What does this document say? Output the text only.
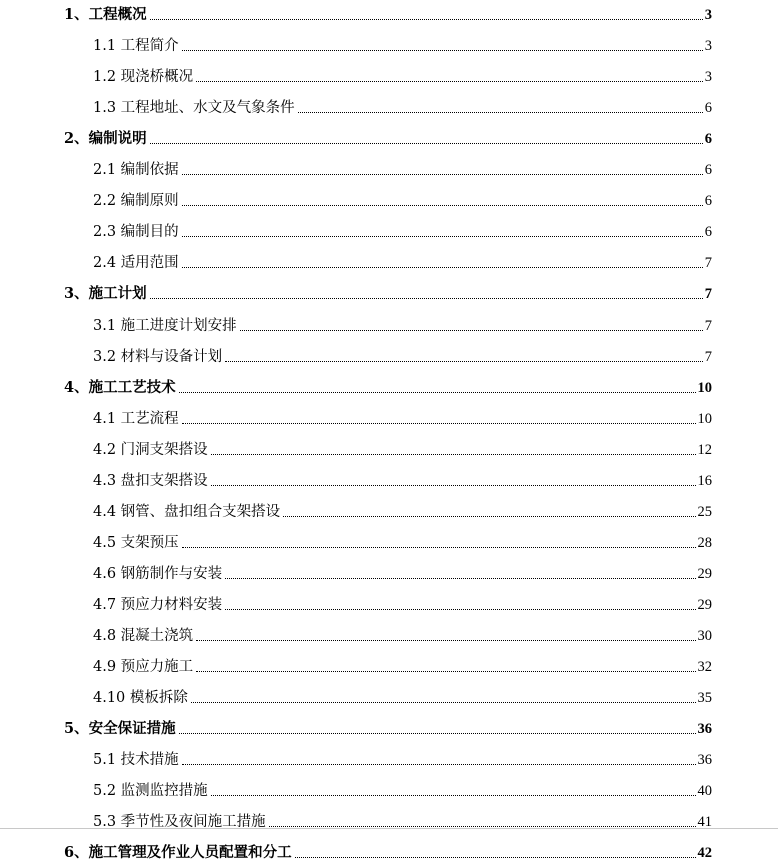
1、工程概况	3
1.1 工程简介	3
1.2 现浇桥概况	3
1.3 工程地址、水文及气象条件	6
2、编制说明	6
2.1 编制依据	6
2.2 编制原则	6
2.3 编制目的	6
2.4 适用范围	7
3、施工计划	7
3.1 施工进度计划安排	7
3.2 材料与设备计划	7
4、施工工艺技术	10
4.1 工艺流程	10
4.2 门洞支架搭设	12
4.3 盘扣支架搭设	16
4.4 钢管、盘扣组合支架搭设	25
4.5 支架预压	28
4.6 钢筋制作与安装	29
4.7 预应力材料安装	29
4.8 混凝土浇筑	30
4.9 预应力施工	32
4.10 模板拆除	35
5、安全保证措施	36
5.1 技术措施	36
5.2 监测监控措施	40
5.3 季节性及夜间施工措施	41
6、施工管理及作业人员配置和分工	42
